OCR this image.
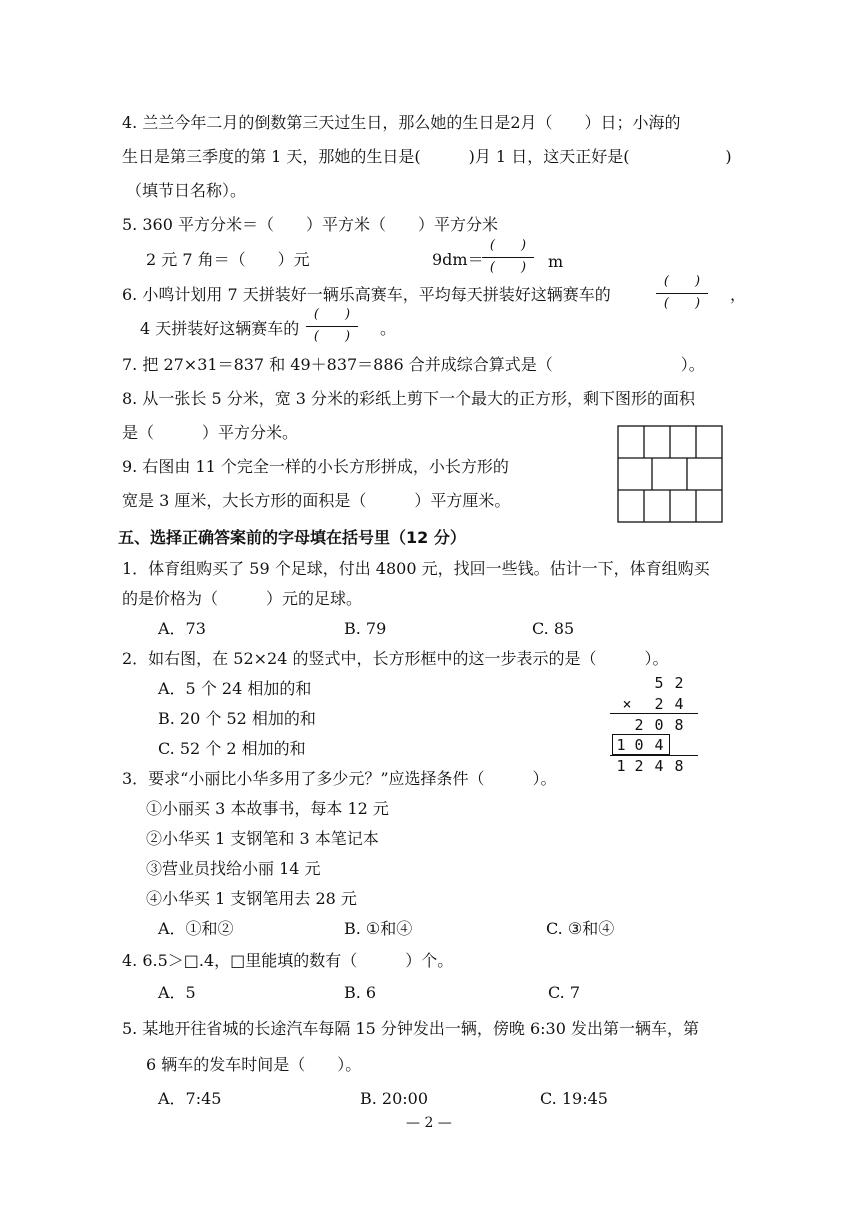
4. 兰兰今年二月的倒数第三天过生日，那么她的生日是2月（　　）日；小海的
生日是第三季度的第 1 天，那她的生日是(　　　)月 1 日，这天正好是(　　　　　　)
（填节日名称）。
5. 360 平方分米＝（　　）平方米（　　）平方分米
2 元 7 角＝（　　）元	9dm＝
(　　)
(　　)	m
6. 小鸣计划用 7 天拼装好一辆乐高赛车，平均每天拼装好这辆赛车的
(　　)
(　　)	，
4 天拼装好这辆赛车的
(　　)
(　　)	。
7. 把 27×31＝837 和 49＋837＝886 合并成综合算式是（　　　　　　　　）。
8. 从一张长 5 分米，宽 3 分米的彩纸上剪下一个最大的正方形，剩下图形的面积
是（　　　）平方分米。
9. 右图由 11 个完全一样的小长方形拼成，小长方形的
宽是 3 厘米，大长方形的面积是（　　　）平方厘米。
五、选择正确答案前的字母填在括号里（12 分）
1．体育组购买了 59 个足球，付出 4800 元，找回一些钱。估计一下，体育组购买
的是价格为（　　　）元的足球。
A．73	B. 79	C. 85
2．如右图，在 52×24 的竖式中，长方形框中的这一步表示的是（　　　）。
A．5 个 24 相加的和
B. 20 个 52 相加的和
C. 52 个 2 相加的和
5 2
× 2 4
2 0 8
1 0 4
1 2 4 8
3．要求“小丽比小华多用了多少元？”应选择条件（　　　）。
①小丽买 3 本故事书，每本 12 元
②小华买 1 支钢笔和 3 本笔记本
③营业员找给小丽 14 元
④小华买 1 支钢笔用去 28 元
A．①和②	B. ①和④	C. ③和④
4. 6.5＞□.4，□里能填的数有（　　　）个。
A．5	B. 6	C. 7
5. 某地开往省城的长途汽车每隔 15 分钟发出一辆，傍晚 6:30 发出第一辆车，第
6 辆车的发车时间是（　　）。
A．7:45	B. 20:00	C. 19:45
— 2 —
